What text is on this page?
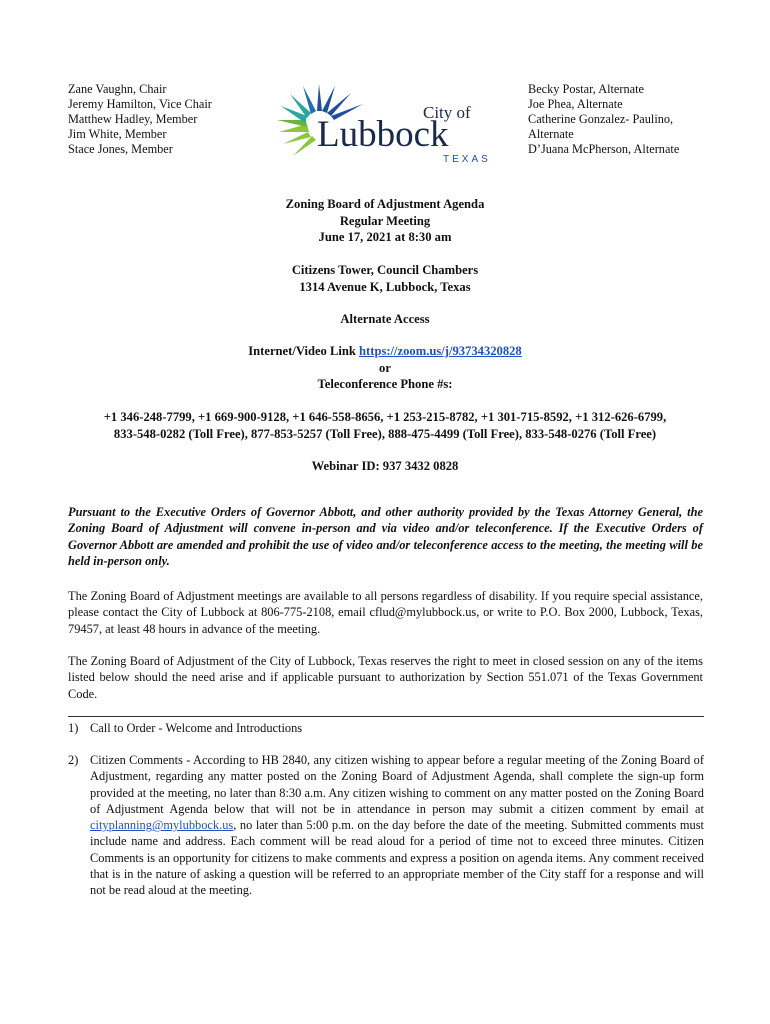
Zane Vaughn, Chair
Jeremy Hamilton, Vice Chair
Matthew Hadley, Member
Jim White, Member
Stace Jones, Member
City of
Lubbock
TEXAS
Becky Postar, Alternate
Joe Phea, Alternate
Catherine Gonzalez- Paulino,
Alternate
D’Juana McPherson, Alternate
Zoning Board of Adjustment Agenda
Regular Meeting
June 17, 2021 at 8:30 am
Citizens Tower, Council Chambers
1314 Avenue K, Lubbock, Texas
Alternate Access
Internet/Video Link https://zoom.us/j/93734320828
or
Teleconference Phone #s:
+1 346-248-7799, +1 669-900-9128, +1 646-558-8656, +1 253-215-8782, +1 301-715-8592, +1 312-626-6799,
833-548-0282 (Toll Free), 877-853-5257 (Toll Free), 888-475-4499 (Toll Free), 833-548-0276 (Toll Free)
Webinar ID: 937 3432 0828
Pursuant to the Executive Orders of Governor Abbott, and other authority provided by the Texas Attorney General, the Zoning Board of Adjustment will convene in-person and via video and/or teleconference. If the Executive Orders of Governor Abbott are amended and prohibit the use of video and/or teleconference access to the meeting, the meeting will be held in-person only.
The Zoning Board of Adjustment meetings are available to all persons regardless of disability. If you require special assistance, please contact the City of Lubbock at 806-775-2108, email cflud@mylubbock.us, or write to P.O. Box 2000, Lubbock, Texas, 79457, at least 48 hours in advance of the meeting.
The Zoning Board of Adjustment of the City of Lubbock, Texas reserves the right to meet in closed session on any of the items listed below should the need arise and if applicable pursuant to authorization by Section 551.071 of the Texas Government Code.
1) Call to Order - Welcome and Introductions
2) Citizen Comments - According to HB 2840, any citizen wishing to appear before a regular meeting of the Zoning Board of Adjustment, regarding any matter posted on the Zoning Board of Adjustment Agenda, shall complete the sign-up form provided at the meeting, no later than 8:30 a.m. Any citizen wishing to comment on any matter posted on the Zoning Board of Adjustment Agenda below that will not be in attendance in person may submit a citizen comment by email at cityplanning@mylubbock.us, no later than 5:00 p.m. on the day before the date of the meeting. Submitted comments must include name and address. Each comment will be read aloud for a period of time not to exceed three minutes. Citizen Comments is an opportunity for citizens to make comments and express a position on agenda items. Any comment received that is in the nature of asking a question will be referred to an appropriate member of the City staff for a response and will not be read aloud at the meeting.
